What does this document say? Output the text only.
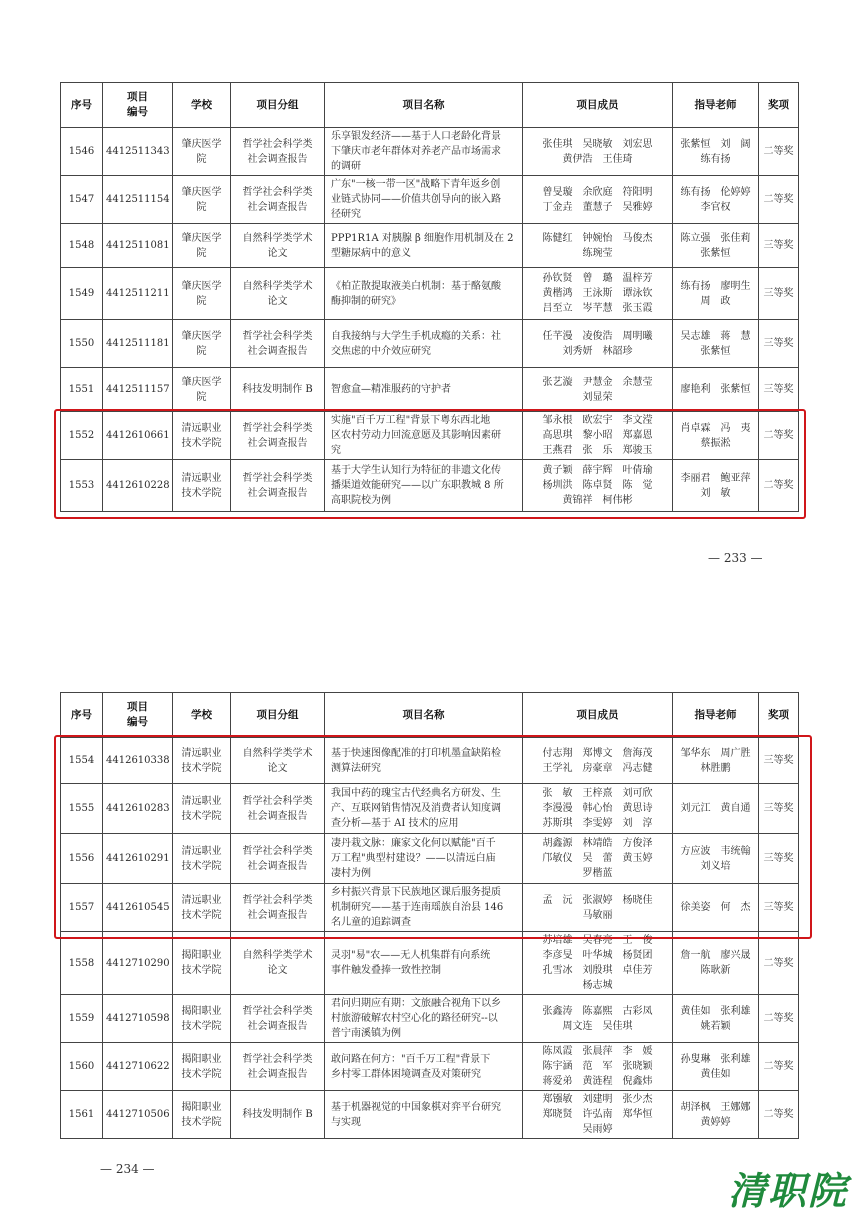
序号	项目
编号	学校	项目分组	项目名称	项目成员	指导老师	奖项
1546	4412511343	肇庆医学
院	哲学社会科学类
社会调查报告	乐享银发经济——基于人口老龄化背景
下肇庆市老年群体对养老产品市场需求
的调研	张佳琪　吴晓敏　刘宏思
黄伊浩　王佳琦	张紫恒　刘　阔
练有扬	二等奖
1547	4412511154	肇庆医学
院	哲学社会科学类
社会调查报告	广东"一核一带一区"战略下青年返乡创
业链式协同——价值共创导向的嵌入路
径研究	曾旻璇　余欣庭　符阳明
丁金垚　董慧子　吴雅婷	练有扬　伦婷婷
李官权	二等奖
1548	4412511081	肇庆医学
院	自然科学类学术
论文	PPP1R1A 对胰腺 β 细胞作用机制及在 2
型糖尿病中的意义	陈健红　钟婉怡　马俊杰
练琬莹	陈立强　张佳莉
张紫恒	三等奖
1549	4412511211	肇庆医学
院	自然科学类学术
论文	《柏芷散提取液美白机制：基于酪氨酸
酶抑制的研究》	孙钦贤　曾　璐　温梓芳
黄楷鸿　王泳斯　谭泳钦
吕至立　岑芊慧　张玉霞	练有扬　廖明生
周　政	三等奖
1550	4412511181	肇庆医学
院	哲学社会科学类
社会调查报告	自我接纳与大学生手机成瘾的关系：社
交焦虑的中介效应研究	任芊漫　凌俊浩　周明曦
刘秀妍　林韶珍	吴志雄　蒋　慧
张紫恒	三等奖
1551	4412511157	肇庆医学
院	科技发明制作 B	智愈盒—精准服药的守护者	张艺漩　尹慧金　余慧莹
刘显荣	廖艳利　张紫恒	三等奖
1552	4412610661	清远职业
技术学院	哲学社会科学类
社会调查报告	实施"百千万工程"背景下粤东西北地
区农村劳动力回流意愿及其影响因素研
究	邹永根　欧宏宇　李文滢
高思琪　黎小昭　郑嘉恩
王燕君　张　乐　郑骏玉	肖卓霖　冯　夷
蔡振淞	二等奖
1553	4412610228	清远职业
技术学院	哲学社会科学类
社会调查报告	基于大学生认知行为特征的非遗文化传
播渠道效能研究——以广东职教城 8 所
高职院校为例	黄子颖　薛宇辉　叶倩瑜
杨圳洪　陈卓贤　陈　觉
黄锦祥　柯伟彬	李丽君　鲍亚萍
刘　敏	二等奖
— 233 —
序号	项目
编号	学校	项目分组	项目名称	项目成员	指导老师	奖项
1554	4412610338	清远职业
技术学院	自然科学类学术
论文	基于快速图像配准的打印机墨盒缺陷检
测算法研究	付志翔　郑博文　詹海茂
王学礼　房豪章　冯志健	邹华东　周广胜
林胜鹏	三等奖
1555	4412610283	清远职业
技术学院	哲学社会科学类
社会调查报告	我国中药的瑰宝古代经典名方研发、生
产、互联网销售情况及消费者认知度调
查分析—基于 AI 技术的应用	张　敏　王梓熹　刘可欣
李漫漫　韩心怡　黄思诗
苏斯琪　李雯婷　刘　淳	刘元江　黄自通	三等奖
1556	4412610291	清远职业
技术学院	哲学社会科学类
社会调查报告	凄丹栽文脉：廉家文化何以赋能"百千
万工程"典型村建设？——以清远白庙
凄村为例	胡鑫源　林靖皓　方俊泽
邝敏仪　吴　蕾　黄玉婷
罗楷蓝	方应波　韦统翰
刘义培	三等奖
1557	4412610545	清远职业
技术学院	哲学社会科学类
社会调查报告	乡村振兴背景下民族地区课后服务提质
机制研究——基于连南瑶族自治县 146
名儿童的追踪调查	孟　沅　张淑婷　杨晓佳
马敏丽	徐美姿　何　杰	三等奖
1558	4412710290	揭阳职业
技术学院	自然科学类学术
论文	灵羽"易"农——无人机集群有向系统
事件触发叠捧一致性控制	苏培雄　吴春亮　王　俊
李彦旻　叶华城　杨贤团
孔雪冰　刘殷琪　卓佳芳
杨志城	詹一航　廖兴晟
陈耿新	二等奖
1559	4412710598	揭阳职业
技术学院	哲学社会科学类
社会调查报告	君问归期应有期：文旅融合视角下以乡
村旅游破解农村空心化的路径研究--以
普宁南溪镇为例	张鑫涛　陈嘉熙　古彩凤
周文连　吴佳琪	黄佳如　张利雄
姚若颖	二等奖
1560	4412710622	揭阳职业
技术学院	哲学社会科学类
社会调查报告	敢问路在何方："百千万工程"背景下
乡村零工群体困境调查及对策研究	陈凤霞　张晨萍　李　媛
陈宇涵　范　军　张晓颖
蒋爱弟　黄涟程　倪鑫炜	孙叟琳　张利雄
黄佳如	二等奖
1561	4412710506	揭阳职业
技术学院	科技发明制作 B	基于机器视觉的中国象棋对弈平台研究
与实现	郑镪敏　刘建明　张少杰
郑晓贤　许弘南　郑华恒
吴雨婷	胡泽枫　王娜娜
黄婷婷	二等奖
— 234 —	清职院
